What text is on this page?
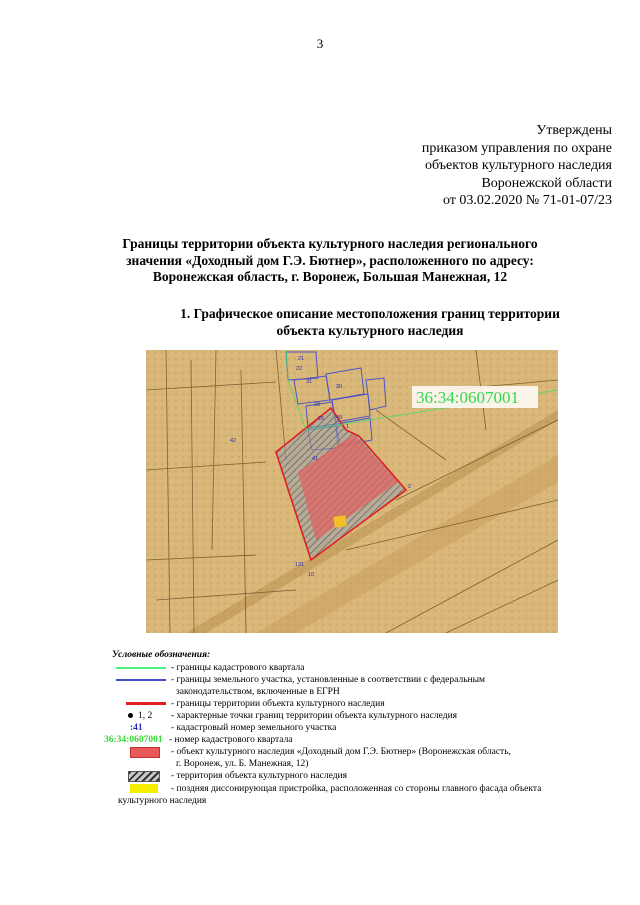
3
Утверждены
приказом управления по охране
объектов культурного наследия
Воронежской области
от 03.02.2020 № 71-01-07/23
Границы территории объекта культурного наследия регионального
значения «Доходный дом Г.Э. Бютнер», расположенного по адресу:
Воронежская область, г. Воронеж, Большая Манежная, 12
1. Графическое описание местоположения границ территории
объекта культурного наследия
36:34:0607001
21
31
22
30
28
25
42
41
131
10
49
1
2
Условные обозначения:
- границы кадастрового квартала
- границы земельного участка, установленные в соответствии с федеральным
законодательством, включенные в ЕГРН
- границы территории объекта культурного наследия
1, 2 - характерные точки границ территории объекта культурного наследия
:41	- кадастровый номер земельного участка
36:34:0607001 - номер кадастрового квартала
- объект культурного наследия «Доходный дом Г.Э. Бютнер» (Воронежская область,
г. Воронеж, ул. Б. Манежная, 12)
- территория объекта культурного наследия
- поздняя диссонирующая пристройка, расположенная со стороны главного фасада объекта
культурного наследия
